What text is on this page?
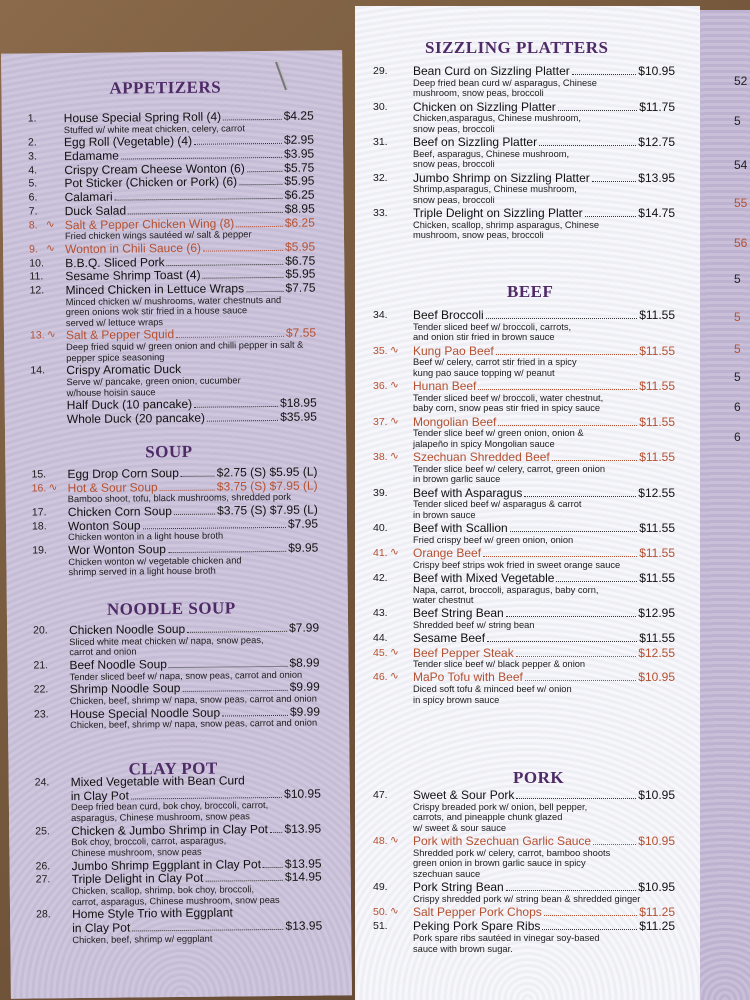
APPETIZERS
1. House Special Spring Roll (4)	$4.25
Stuffed w/ white meat chicken, celery, carrot
2. Egg Roll (Vegetable) (4)	$2.95
3. Edamame	$3.95
4. Crispy Cream Cheese Wonton (6)	$5.75
5. Pot Sticker (Chicken or Pork) (6)	$5.95
6. Calamari	$6.25
7. Duck Salad	$8.95
8. ∿ Salt & Pepper Chicken Wing (8)	$6.25
Fried chicken wings sautéed w/ salt & pepper
9. ∿ Wonton in Chili Sauce (6)	$5.95
10. B.B.Q. Sliced Pork	$6.75
11. Sesame Shrimp Toast (4)	$5.95
12. Minced Chicken in Lettuce Wraps	$7.75
Minced chicken w/ mushrooms, water chestnuts and
green onions wok stir fried in a house sauce
served w/ lettuce wraps
13. ∿ Salt & Pepper Squid	$7.55
Deep fried squid w/ green onion and chilli pepper in salt &
pepper spice seasoning
14. Crispy Aromatic Duck
Serve w/ pancake, green onion, cucumber
w/house hoisin sauce
Half Duck (10 pancake)	$18.95
Whole Duck (20 pancake)	$35.95
SOUP
15. Egg Drop Corn Soup	$2.75 (S) $5.95 (L)
16. ∿ Hot & Sour Soup	$3.75 (S) $7.95 (L)
Bamboo shoot, tofu, black mushrooms, shredded pork
17. Chicken Corn Soup	$3.75 (S) $7.95 (L)
18. Wonton Soup	$7.95
Chicken wonton in a light house broth
19. Wor Wonton Soup	$9.95
Chicken wonton w/ vegetable chicken and
shrimp served in a light house broth
NOODLE SOUP
20. Chicken Noodle Soup	$7.99
Sliced white meat chicken w/ napa, snow peas,
carrot and onion
21. Beef Noodle Soup	$8.99
Tender sliced beef w/ napa, snow peas, carrot and onion
22. Shrimp Noodle Soup	$9.99
Chicken, beef, shrimp w/ napa, snow peas, carrot and onion
23. House Special Noodle Soup	$9.99
Chicken, beef, shrimp w/ napa, snow peas, carrot and onion
CLAY POT
24. Mixed Vegetable with Bean Curd
in Clay Pot	$10.95
Deep fried bean curd, bok choy, broccoli, carrot,
asparagus, Chinese mushroom, snow peas
25. Chicken & Jumbo Shrimp in Clay Pot $13.95
Bok choy, broccoli, carrot, asparagus,
Chinese mushroom, snow peas
26. Jumbo Shrimp Eggplant in Clay Pot $13.95
27. Triple Delight in Clay Pot	$14.95
Chicken, scallop, shrimp, bok choy, broccoli,
carrot, asparagus, Chinese mushroom, snow peas
28. Home Style Trio with Eggplant
in Clay Pot	$13.95
Chicken, beef, shrimp w/ eggplant
SIZZLING PLATTERS
29. Bean Curd on Sizzling Platter	$10.95
Deep fried bean curd w/ asparagus, Chinese
mushroom, snow peas, broccoli
30. Chicken on Sizzling Platter	$11.75
Chicken,asparagus, Chinese mushroom,
snow peas, broccoli
31. Beef on Sizzling Platter	$12.75
Beef, asparagus, Chinese mushroom,
snow peas, broccoli
32. Jumbo Shrimp on Sizzling Platter	$13.95
Shrimp,asparagus, Chinese mushroom,
snow peas, broccoli
33. Triple Delight on Sizzling Platter	$14.75
Chicken, scallop, shrimp asparagus, Chinese
mushroom, snow peas, broccoli
BEEF
34. Beef Broccoli	$11.55
Tender sliced beef w/ broccoli, carrots,
and onion stir fried in brown sauce
35. ∿ Kung Pao Beef	$11.55
Beef w/ celery, carrot stir fried in a spicy
kung pao sauce topping w/ peanut
36. ∿ Hunan Beef	$11.55
Tender sliced beef w/ broccoli, water chestnut,
baby corn, snow peas stir fried in spicy sauce
37. ∿ Mongolian Beef	$11.55
Tender slice beef w/ green onion, onion &
jalapeño in spicy Mongolian sauce
38. ∿ Szechuan Shredded Beef	$11.55
Tender slice beef w/ celery, carrot, green onion
in brown garlic sauce
39. Beef with Asparagus	$12.55
Tender sliced beef w/ asparagus & carrot
in brown sauce
40. Beef with Scallion	$11.55
Fried crispy beef w/ green onion, onion
41. ∿ Orange Beef	$11.55
Crispy beef strips wok fried in sweet orange sauce
42. Beef with Mixed Vegetable	$11.55
Napa, carrot, broccoli, asparagus, baby corn,
water chestnut
43. Beef String Bean	$12.95
Shredded beef w/ string bean
44. Sesame Beef	$11.55
45. ∿ Beef Pepper Steak	$12.55
Tender slice beef w/ black pepper & onion
46. ∿ MaPo Tofu with Beef	$10.95
Diced soft tofu & minced beef w/ onion
in spicy brown sauce
PORK
47. Sweet & Sour Pork	$10.95
Crispy breaded pork w/ onion, bell pepper,
carrots, and pineapple chunk glazed
w/ sweet & sour sauce
48. ∿ Pork with Szechuan Garlic Sauce	$10.95
Shredded pork w/ celery, carrot, bamboo shoots
green onion in brown garlic sauce in spicy
szechuan sauce
49. Pork String Bean	$10.95
Crispy shredded pork w/ string bean & shredded ginger
50. ∿ Salt Pepper Pork Chops	$11.25
51. Peking Pork Spare Ribs	$11.25
Pork spare ribs sautéed in vinegar soy-based
sauce with brown sugar.
52
5
54
55
56
5
5
5
5
6
6
